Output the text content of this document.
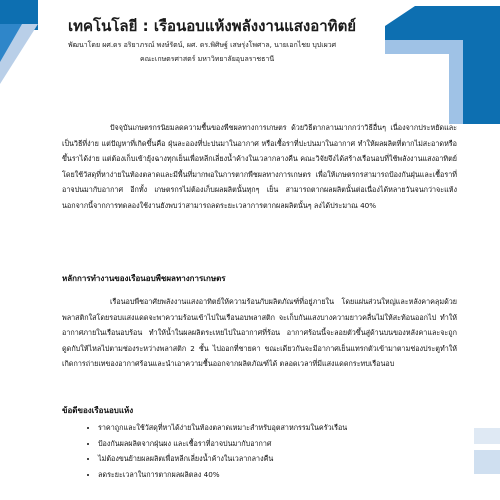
เทคโนโลยี : เรือนอบแห้งพลังงานแสงอาทิตย์
พัฒนาโดย ผศ.ดร อริยาภรณ์ พงษ์รัตน์, ผศ. ดร.พิศิษฐ์ เสษรุ่งโพศาล, นายเอกไชย บุปเผวศ
คณะเกษตรศาสตร์ มหาวิทยาลัยอุบลราชธานี

ปัจจุบันเกษตรกรนิยมลดความชื้นของพืชผลทางการเกษตร ด้วยวิธีตากลานมากกว่าวิธีอื่นๆ เนื่องจากประหยัดและเป็นวิธีที่ง่าย แต่ปัญหาที่เกิดขึ้นคือ ฝุ่นละอองที่ปะปนมาในอากาศ หรือเชื้อราที่ปะปนมาในอากาศ ทำให้ผลผลิตที่ตากไม่สะอาดหรือขึ้นราได้ง่าย แต่ต้องเก็บเข้ายุ้งฉางทุกเย็นเพื่อหลีกเลี่ยงน้ำค้างในเวลากลางคืน คณะวิจัยจึงได้สร้างเรือนอบที่ใช้พลังงานแสงอาทิตย์ โดยใช้วัสดุที่หาง่ายในท้องตลาดและมีพื้นที่มากพอในการตากพืชผลทางการเกษตร เพื่อให้เกษตรกรสามารถป้องกันฝุ่นและเชื้อราที่อาจปนมากับอากาศ อีกทั้ง เกษตรกรไม่ต้องเก็บผลผลิตนั้นทุกๆ เย็น สามารถตากผลผลิตนั้นต่อเนื่องได้หลายวันจนกว่าจะแห้ง นอกจากนี้จากการทดลองใช้งานยังพบว่าสามารถลดระยะเวลาการตากผลผลิตนั้นๆ ลงได้ประมาณ 40%

หลักการทำงานของเรือนอบพืชผลทางการเกษตร

เรือนอบพืชอาศัยพลังงานแสงอาทิตย์ให้ความร้อนกับผลิตภัณฑ์ที่อยู่ภายใน โดยแผ่นส่วนใหญ่และหลังคาคลุมด้วยพลาสติกใสโดยรอบแสงแดดจะพาความร้อนเข้าไปในเรือนอบพลาสติก จะเก็บกันแสงบางความยาวคลื่นไม่ให้สะท้อนออกไป ทำให้อากาศภายในเรือนอบร้อน ทำให้น้ำในผลผลิตระเหยไปในอากาศที่ร้อน อากาศร้อนนี้จะลอยตัวขึ้นสู่ด้านบนของหลังคาและจะถูกดูดกับให้ไหลไปตามช่องระหว่างพลาสติก 2 ชั้น ไปออกที่ชายคา ขณะเดียวกันจะมีอากาศเย็นแทรกตัวเข้ามาตามช่องประตูทำให้เกิดการถ่ายเทของอากาศร้อนและนำเอาความชื้นออกจากผลิตภัณฑ์ได้ ตลอดเวลาที่มีแสงแดดกระทบเรือนอบ

ข้อดีของเรือนอบแห้ง
• ราคาถูกและใช้วัสดุที่หาได้ง่ายในท้องตลาดเหมาะสำหรับอุตสาหกรรมในครัวเรือน
• ป้องกันผลผลิตจากฝุ่นผง และเชื้อราที่อาจปนมากับอากาศ
• ไม่ต้องขนย้ายผลผลิตเพื่อหลีกเลี่ยงน้ำค้างในเวลากลางคืน
• ลดระยะเวลาในการตากผลผลิตลง 40%
